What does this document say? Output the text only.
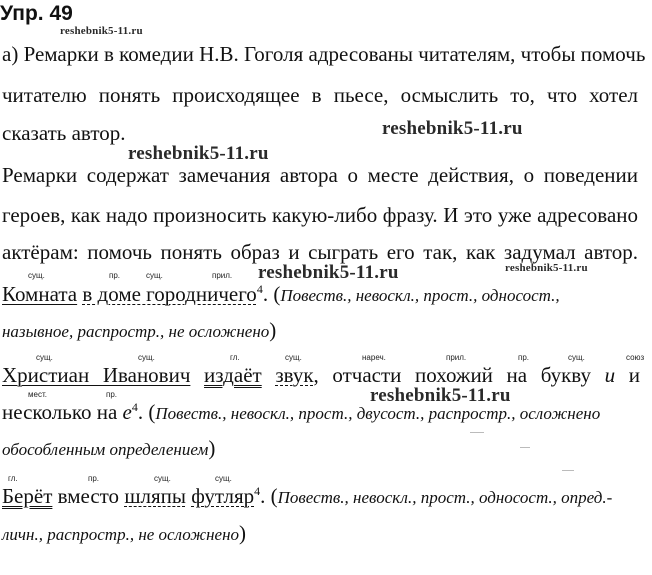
Упр. 49
reshebnik5-11.ru
reshebnik5-11.ru
reshebnik5-11.ru
reshebnik5-11.ru	reshebnik5-11.ru
reshebnik5-11.ru
а) Ремарки в комедии Н.В. Гоголя адресованы читателям, чтобы помочь
читателю понять происходящее в пьесе, осмыслить то, что хотел
сказать автор.
Ремарки содержат замечания автора о месте действия, о поведении
героев, как надо произносить какую-либо фразу. И это уже адресовано
актёрам: помочь понять образ и сыграть его так, как задумал автор.
сущ.	пр.	сущ.	прил.
Комната в доме городничего$^4$. (Повеств., невоскл., прост., односост.,
назывное, распростр., не осложнено)
сущ.	сущ.	гл.	сущ.	нареч.	прил.	пр.	сущ.	союз
Христиан Иванович издаёт звук, отчасти похожий на букву и и
мест.	пр.
несколько на $е^4$. (Повеств., невоскл., прост., двусост., распростр., осложнено
обособленным определением)
гл.	пр.	сущ.	сущ.
Берёт вместо шляпы футляр$^4$. (Повеств., невоскл., прост., односост., опред.-
личн., распростр., не осложнено)
